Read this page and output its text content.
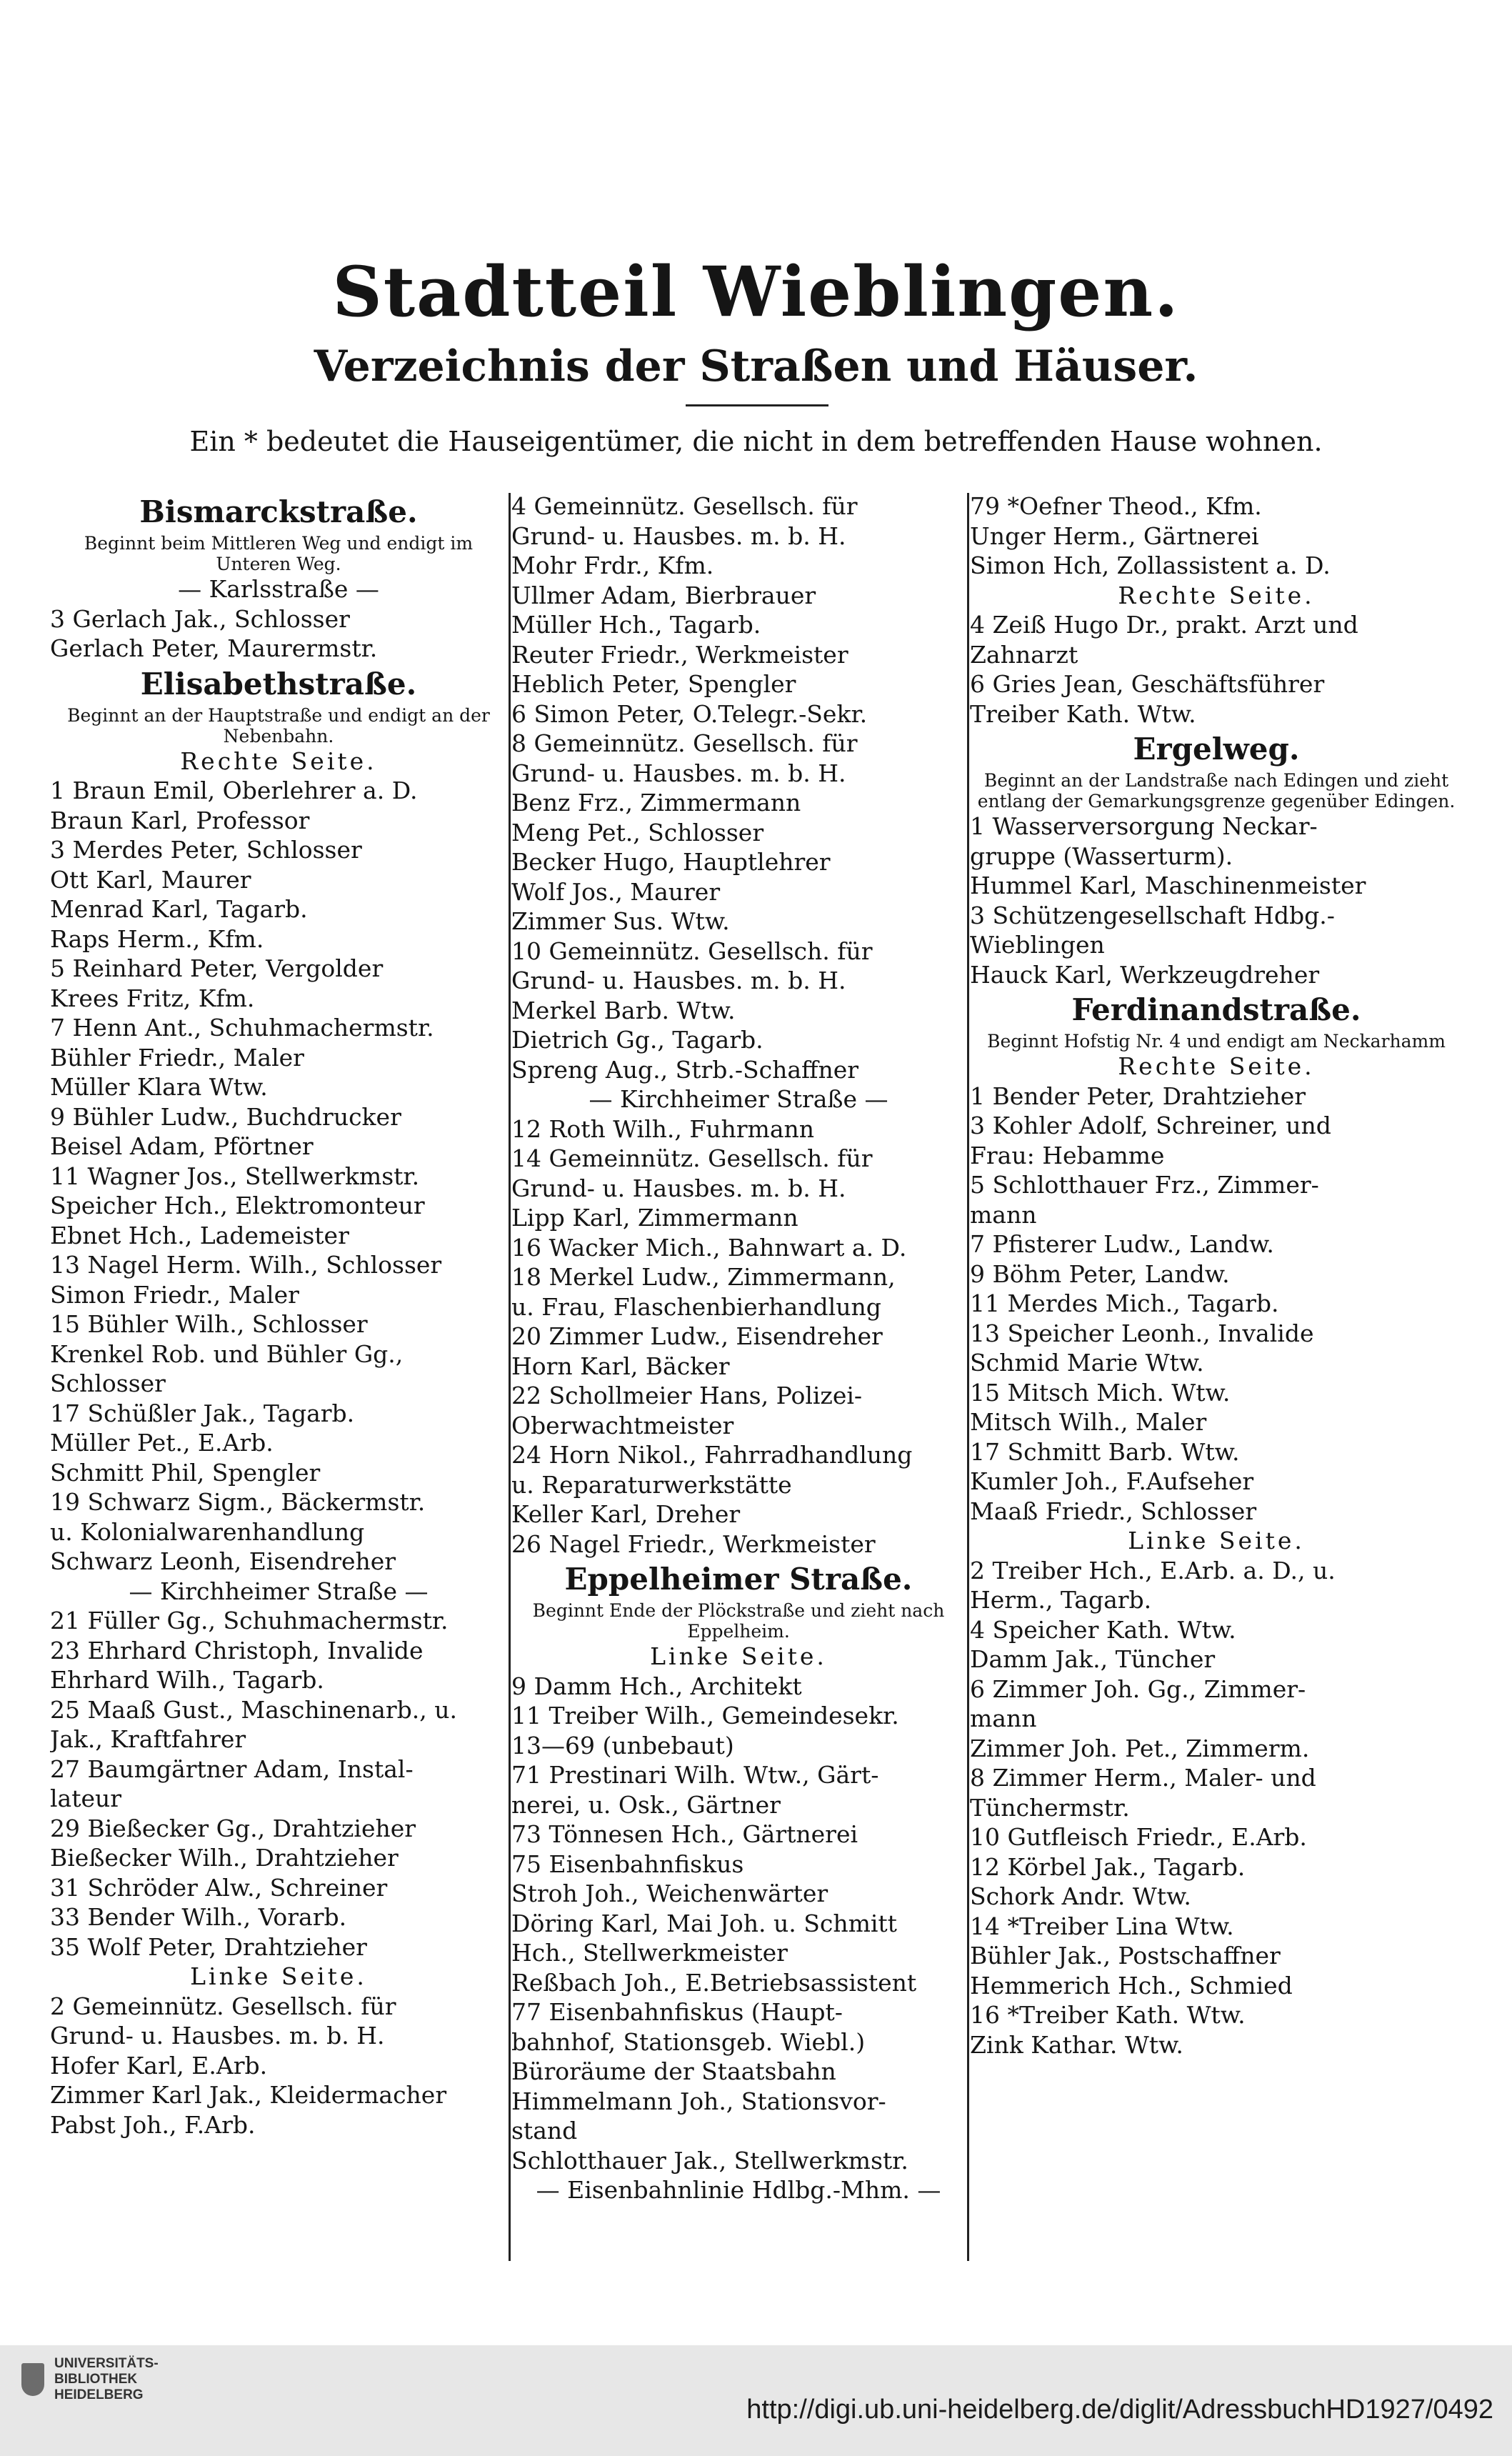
Stadtteil Wieblingen.
Verzeichnis der Straßen und Häuser.
Ein * bedeutet die Hauseigentümer, die nicht in dem betreffenden Hause wohnen.
Bismarckstraße.
Beginnt beim Mittleren Weg und endigt im Unteren Weg.
— Karlsstraße —
3 Gerlach Jak., Schlosser
Gerlach Peter, Maurermstr.
Elisabethstraße.
Beginnt an der Hauptstraße und endigt an der Nebenbahn.
Rechte Seite.
1 Braun Emil, Oberlehrer a. D.
Braun Karl, Professor
3 Merdes Peter, Schlosser
Ott Karl, Maurer
Menrad Karl, Tagarb.
Raps Herm., Kfm.
5 Reinhard Peter, Vergolder
Krees Fritz, Kfm.
7 Henn Ant., Schuhmachermstr.
Bühler Friedr., Maler
Müller Klara Wtw.
9 Bühler Ludw., Buchdrucker
Beisel Adam, Pförtner
11 Wagner Jos., Stellwerkmstr.
Speicher Hch., Elektromonteur
Ebnet Hch., Lademeister
13 Nagel Herm. Wilh., Schlosser
Simon Friedr., Maler
15 Bühler Wilh., Schlosser
Krenkel Rob. und Bühler Gg.,
Schlosser
17 Schüßler Jak., Tagarb.
Müller Pet., E.Arb.
Schmitt Phil, Spengler
19 Schwarz Sigm., Bäckermstr.
u. Kolonialwarenhandlung
Schwarz Leonh, Eisendreher
— Kirchheimer Straße —
21 Füller Gg., Schuhmachermstr.
23 Ehrhard Christoph, Invalide
Ehrhard Wilh., Tagarb.
25 Maaß Gust., Maschinenarb., u.
Jak., Kraftfahrer
27 Baumgärtner Adam, Instal-
lateur
29 Bießecker Gg., Drahtzieher
Bießecker Wilh., Drahtzieher
31 Schröder Alw., Schreiner
33 Bender Wilh., Vorarb.
35 Wolf Peter, Drahtzieher
Linke Seite.
2 Gemeinnütz. Gesellsch. für
Grund- u. Hausbes. m. b. H.
Hofer Karl, E.Arb.
Zimmer Karl Jak., Kleidermacher
Pabst Joh., F.Arb.
4 Gemeinnütz. Gesellsch. für
Grund- u. Hausbes. m. b. H.
Mohr Frdr., Kfm.
Ullmer Adam, Bierbrauer
Müller Hch., Tagarb.
Reuter Friedr., Werkmeister
Heblich Peter, Spengler
6 Simon Peter, O.Telegr.-Sekr.
8 Gemeinnütz. Gesellsch. für
Grund- u. Hausbes. m. b. H.
Benz Frz., Zimmermann
Meng Pet., Schlosser
Becker Hugo, Hauptlehrer
Wolf Jos., Maurer
Zimmer Sus. Wtw.
10 Gemeinnütz. Gesellsch. für
Grund- u. Hausbes. m. b. H.
Merkel Barb. Wtw.
Dietrich Gg., Tagarb.
Spreng Aug., Strb.-Schaffner
— Kirchheimer Straße —
12 Roth Wilh., Fuhrmann
14 Gemeinnütz. Gesellsch. für
Grund- u. Hausbes. m. b. H.
Lipp Karl, Zimmermann
16 Wacker Mich., Bahnwart a. D.
18 Merkel Ludw., Zimmermann,
u. Frau, Flaschenbierhandlung
20 Zimmer Ludw., Eisendreher
Horn Karl, Bäcker
22 Schollmeier Hans, Polizei-
Oberwachtmeister
24 Horn Nikol., Fahrradhandlung
u. Reparaturwerkstätte
Keller Karl, Dreher
26 Nagel Friedr., Werkmeister
Eppelheimer Straße.
Beginnt Ende der Plöckstraße und zieht nach Eppelheim.
Linke Seite.
9 Damm Hch., Architekt
11 Treiber Wilh., Gemeindesekr.
13—69 (unbebaut)
71 Prestinari Wilh. Wtw., Gärt-
nerei, u. Osk., Gärtner
73 Tönnesen Hch., Gärtnerei
75 Eisenbahnfiskus
Stroh Joh., Weichenwärter
Döring Karl, Mai Joh. u. Schmitt
Hch., Stellwerkmeister
Reßbach Joh., E.Betriebsassistent
77 Eisenbahnfiskus (Haupt-
bahnhof, Stationsgeb. Wiebl.)
Büroräume der Staatsbahn
Himmelmann Joh., Stationsvor-
stand
Schlotthauer Jak., Stellwerkmstr.
— Eisenbahnlinie Hdlbg.-Mhm. —
79 *Oefner Theod., Kfm.
Unger Herm., Gärtnerei
Simon Hch, Zollassistent a. D.
Rechte Seite.
4 Zeiß Hugo Dr., prakt. Arzt und
Zahnarzt
6 Gries Jean, Geschäftsführer
Treiber Kath. Wtw.
Ergelweg.
Beginnt an der Landstraße nach Edingen und zieht entlang der Gemarkungsgrenze gegenüber Edingen.
1 Wasserversorgung Neckar-
gruppe (Wasserturm).
Hummel Karl, Maschinenmeister
3 Schützengesellschaft Hdbg.-
Wieblingen
Hauck Karl, Werkzeugdreher
Ferdinandstraße.
Beginnt Hofstig Nr. 4 und endigt am Neckarhamm
Rechte Seite.
1 Bender Peter, Drahtzieher
3 Kohler Adolf, Schreiner, und
Frau: Hebamme
5 Schlotthauer Frz., Zimmer-
mann
7 Pfisterer Ludw., Landw.
9 Böhm Peter, Landw.
11 Merdes Mich., Tagarb.
13 Speicher Leonh., Invalide
Schmid Marie Wtw.
15 Mitsch Mich. Wtw.
Mitsch Wilh., Maler
17 Schmitt Barb. Wtw.
Kumler Joh., F.Aufseher
Maaß Friedr., Schlosser
Linke Seite.
2 Treiber Hch., E.Arb. a. D., u.
Herm., Tagarb.
4 Speicher Kath. Wtw.
Damm Jak., Tüncher
6 Zimmer Joh. Gg., Zimmer-
mann
Zimmer Joh. Pet., Zimmerm.
8 Zimmer Herm., Maler- und
Tünchermstr.
10 Gutfleisch Friedr., E.Arb.
12 Körbel Jak., Tagarb.
Schork Andr. Wtw.
14 *Treiber Lina Wtw.
Bühler Jak., Postschaffner
Hemmerich Hch., Schmied
16 *Treiber Kath. Wtw.
Zink Kathar. Wtw.
UNIVERSITÄTS-
BIBLIOTHEK
HEIDELBERG	http://digi.ub.uni-heidelberg.de/diglit/AdressbuchHD1927/0492
